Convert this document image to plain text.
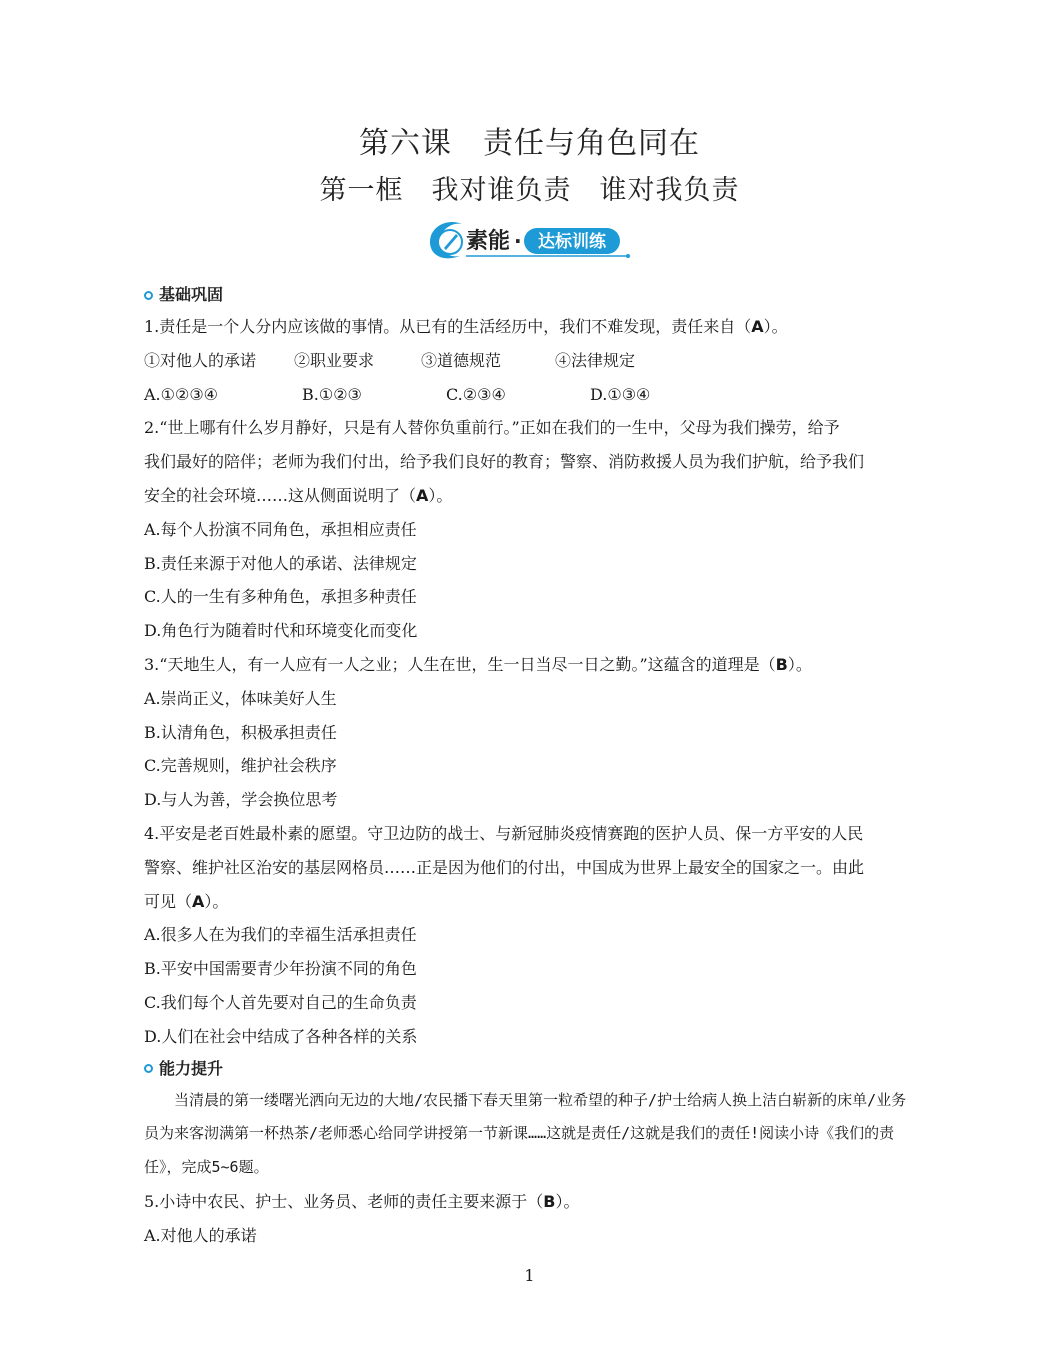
第六课　责任与角色同在
第一框　我对谁负责　谁对我负责
素能 · 达标训练
基础巩固
1.责任是一个人分内应该做的事情。从已有的生活经历中，我们不难发现，责任来自（A）。
①对他人的承诺 ②职业要求	③道德规范	④法律规定
A.①②③④	B.①②③	C.②③④	D.①③④
2.“世上哪有什么岁月静好，只是有人替你负重前行。”正如在我们的一生中，父母为我们操劳，给予
我们最好的陪伴；老师为我们付出，给予我们良好的教育；警察、消防救援人员为我们护航，给予我们
安全的社会环境……这从侧面说明了（A）。
A.每个人扮演不同角色，承担相应责任
B.责任来源于对他人的承诺、法律规定
C.人的一生有多种角色，承担多种责任
D.角色行为随着时代和环境变化而变化
3.“天地生人，有一人应有一人之业；人生在世，生一日当尽一日之勤。”这蕴含的道理是（B）。
A.崇尚正义，体味美好人生
B.认清角色，积极承担责任
C.完善规则，维护社会秩序
D.与人为善，学会换位思考
4.平安是老百姓最朴素的愿望。守卫边防的战士、与新冠肺炎疫情赛跑的医护人员、保一方平安的人民
警察、维护社区治安的基层网格员……正是因为他们的付出，中国成为世界上最安全的国家之一。由此
可见（A）。
A.很多人在为我们的幸福生活承担责任
B.平安中国需要青少年扮演不同的角色
C.我们每个人首先要对自己的生命负责
D.人们在社会中结成了各种各样的关系
能力提升

当清晨的第一缕曙光洒向无边的大地/农民播下春天里第一粒希望的种子/护士给病人换上洁白崭新的床单/业务员为来客沏满第一杯热茶/老师悉心给同学讲授第一节新课……这就是责任/这就是我们的责任!阅读小诗《我们的责任》，完成5~6题。

5.小诗中农民、护士、业务员、老师的责任主要来源于（B）。
A.对他人的承诺
1
